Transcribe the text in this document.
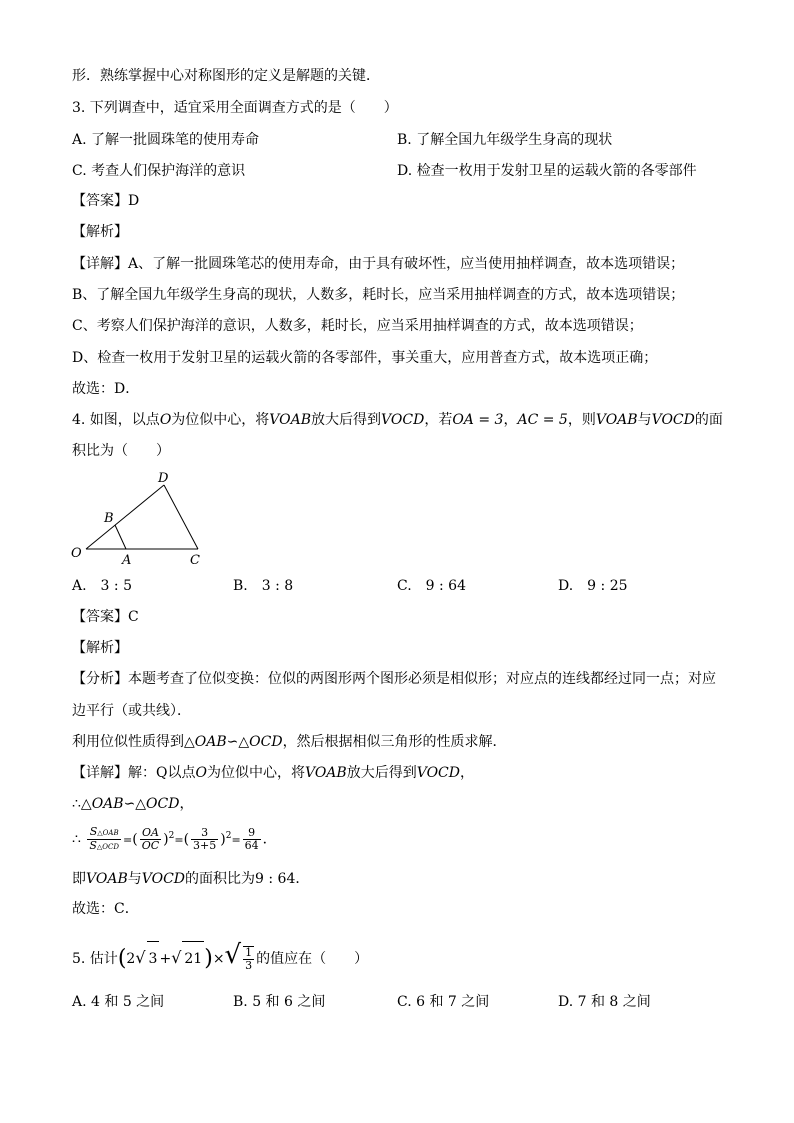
形．熟练掌握中心对称图形的定义是解题的关键．
3. 下列调查中，适宜采用全面调查方式的是（　　）
A. 了解一批圆珠笔的使用寿命	B. 了解全国九年级学生身高的现状
C. 考查人们保护海洋的意识	D. 检查一枚用于发射卫星的运载火箭的各零部件
【答案】D
【解析】
【详解】A、了解一批圆珠笔芯的使用寿命，由于具有破坏性，应当使用抽样调查，故本选项错误；
B、了解全国九年级学生身高的现状，人数多，耗时长，应当采用抽样调查的方式，故本选项错误；
C、考察人们保护海洋的意识，人数多，耗时长，应当采用抽样调查的方式，故本选项错误；
D、检查一枚用于发射卫星的运载火箭的各零部件，事关重大，应用普查方式，故本选项正确；
故选：D．
4. 如图，以点O为位似中心，将VOAB放大后得到VOCD，若OA = 3，AC = 5，则VOAB与VOCD的面
积比为（　　）
O	A
B
C
D
A.　3 : 5	B.　3 : 8	C.　9 : 64	D.　9 : 25
【答案】C
【解析】
【分析】本题考查了位似变换：位似的两图形两个图形必须是相似形；对应点的连线都经过同一点；对应
边平行（或共线）．
利用位似性质得到△OAB∽△OCD，然后根据相似三角形的性质求解．
【详解】解：Q以点O为位似中心，将VOAB放大后得到VOCD，
∴△OAB∽△OCD，
∴ $\frac{\text{S△OAB}}{\text{S△OCD}}$ =( $\frac{OA}{OC} )^2=( \frac{3}{3+5} )^2= \frac{9}{64}$ ．
即VOAB与VOCD的面积比为9 : 64．
故选：C．
5. 估计(2√ 3 +√ $21)\times√ \frac{1}{3}$ 的值应在（　　）
A. 4 和 5 之间	B. 5 和 6 之间	C. 6 和 7 之间	D. 7 和 8 之间
